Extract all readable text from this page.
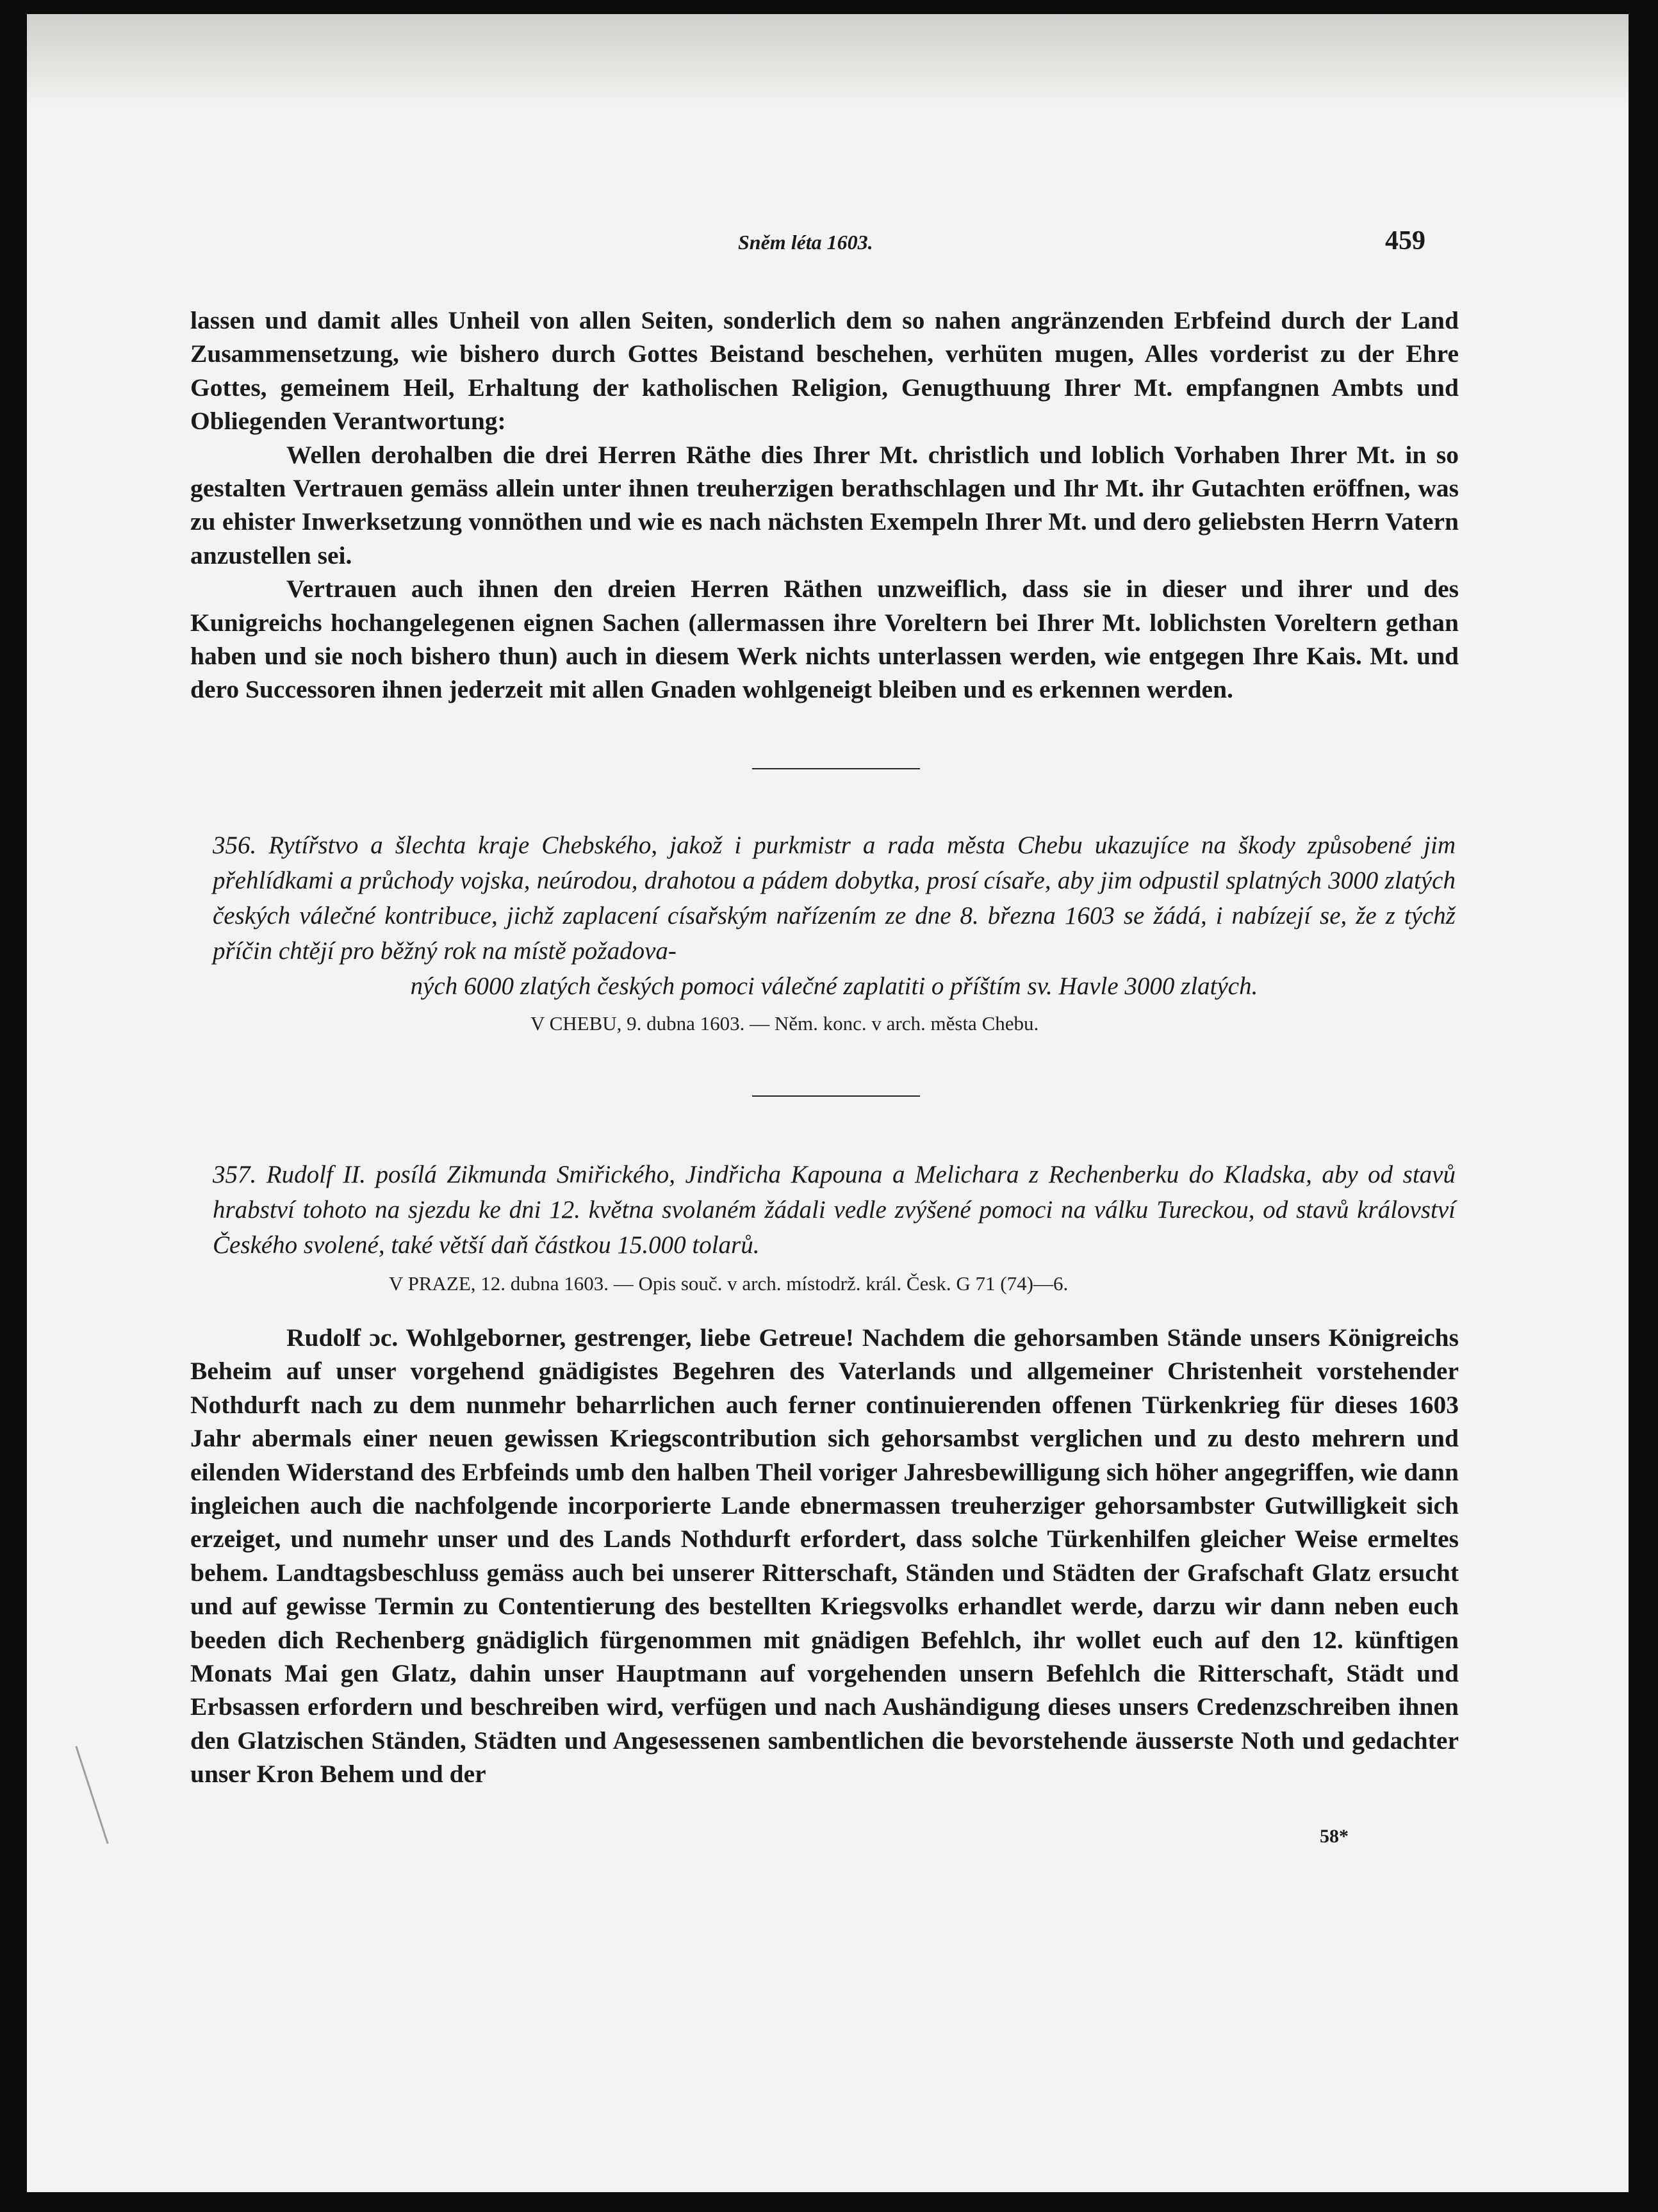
Sněm léta 1603.	459

lassen und damit alles Unheil von allen Seiten, sonderlich dem so nahen angränzenden Erbfeind durch der Land Zusammensetzung, wie bishero durch Gottes Beistand beschehen, verhüten mugen, Alles vorderist zu der Ehre Gottes, gemeinem Heil, Erhaltung der katholischen Religion, Genugthuung Ihrer Mt. empfangnen Ambts und Obliegenden Verantwortung:

Wellen derohalben die drei Herren Räthe dies Ihrer Mt. christlich und loblich Vorhaben Ihrer Mt. in so gestalten Vertrauen gemäss allein unter ihnen treuherzigen berathschlagen und Ihr Mt. ihr Gutachten eröffnen, was zu ehister Inwerksetzung vonnöthen und wie es nach nächsten Exempeln Ihrer Mt. und dero geliebsten Herrn Vatern anzustellen sei.

Vertrauen auch ihnen den dreien Herren Räthen unzweiflich, dass sie in dieser und ihrer und des Kunigreichs hochangelegenen eignen Sachen (allermassen ihre Voreltern bei Ihrer Mt. loblichsten Voreltern gethan haben und sie noch bishero thun) auch in diesem Werk nichts unterlassen werden, wie entgegen Ihre Kais. Mt. und dero Successoren ihnen jederzeit mit allen Gnaden wohlgeneigt bleiben und es erkennen werden.

356. Rytířstvo a šlechta kraje Chebského, jakož i purkmistr a rada města Chebu ukazujíce na škody způsobené jim přehlídkami a průchody vojska, neúrodou, drahotou a pádem dobytka, prosí císaře, aby jim odpustil splatných 3000 zlatých českých válečné kontribuce, jichž zaplacení císařským nařízením ze dne 8. března 1603 se žádá, i nabízejí se, že z týchž příčin chtějí pro běžný rok na místě požadova-
ných 6000 zlatých českých pomoci válečné zaplatiti o příštím sv. Havle 3000 zlatých.
V CHEBU, 9. dubna 1603. — Něm. konc. v arch. města Chebu.
357. Rudolf II. posílá Zikmunda Smiřického, Jindřicha Kapouna a Melichara z Rechenberku do Kladska, aby od stavů hrabství tohoto na sjezdu ke dni 12. května svolaném žádali vedle zvýšené pomoci na válku Tureckou, od stavů království Českého svolené, také větší daň částkou 15.000 tolarů.
V PRAZE, 12. dubna 1603. — Opis souč. v arch. místodrž. král. Česk. G 71 (74)—6.

Rudolf ɔc. Wohlgeborner, gestrenger, liebe Getreue! Nachdem die gehorsamben Stände unsers Königreichs Beheim auf unser vorgehend gnädigistes Begehren des Vaterlands und allgemeiner Christenheit vorstehender Nothdurft nach zu dem nunmehr beharrlichen auch ferner continuierenden offenen Türkenkrieg für dieses 1603 Jahr abermals einer neuen gewissen Kriegscontribution sich gehorsambst verglichen und zu desto mehrern und eilenden Widerstand des Erbfeinds umb den halben Theil voriger Jahresbewilligung sich höher angegriffen, wie dann ingleichen auch die nachfolgende incorporierte Lande ebnermassen treuherziger gehorsambster Gutwilligkeit sich erzeiget, und numehr unser und des Lands Nothdurft erfordert, dass solche Türkenhilfen gleicher Weise ermeltes behem. Landtagsbeschluss gemäss auch bei unserer Ritterschaft, Ständen und Städten der Grafschaft Glatz ersucht und auf gewisse Termin zu Contentierung des bestellten Kriegsvolks erhandlet werde, darzu wir dann neben euch beeden dich Rechenberg gnädiglich fürgenommen mit gnädigen Befehlch, ihr wollet euch auf den 12. künftigen Monats Mai gen Glatz, dahin unser Hauptmann auf vorgehenden unsern Befehlch die Ritterschaft, Städt und Erbsassen erfordern und beschreiben wird, verfügen und nach Aushändigung dieses unsers Credenzschreiben ihnen den Glatzischen Ständen, Städten und Angesessenen sambentlichen die bevorstehende äusserste Noth und gedachter unser Kron Behem und der

58*
